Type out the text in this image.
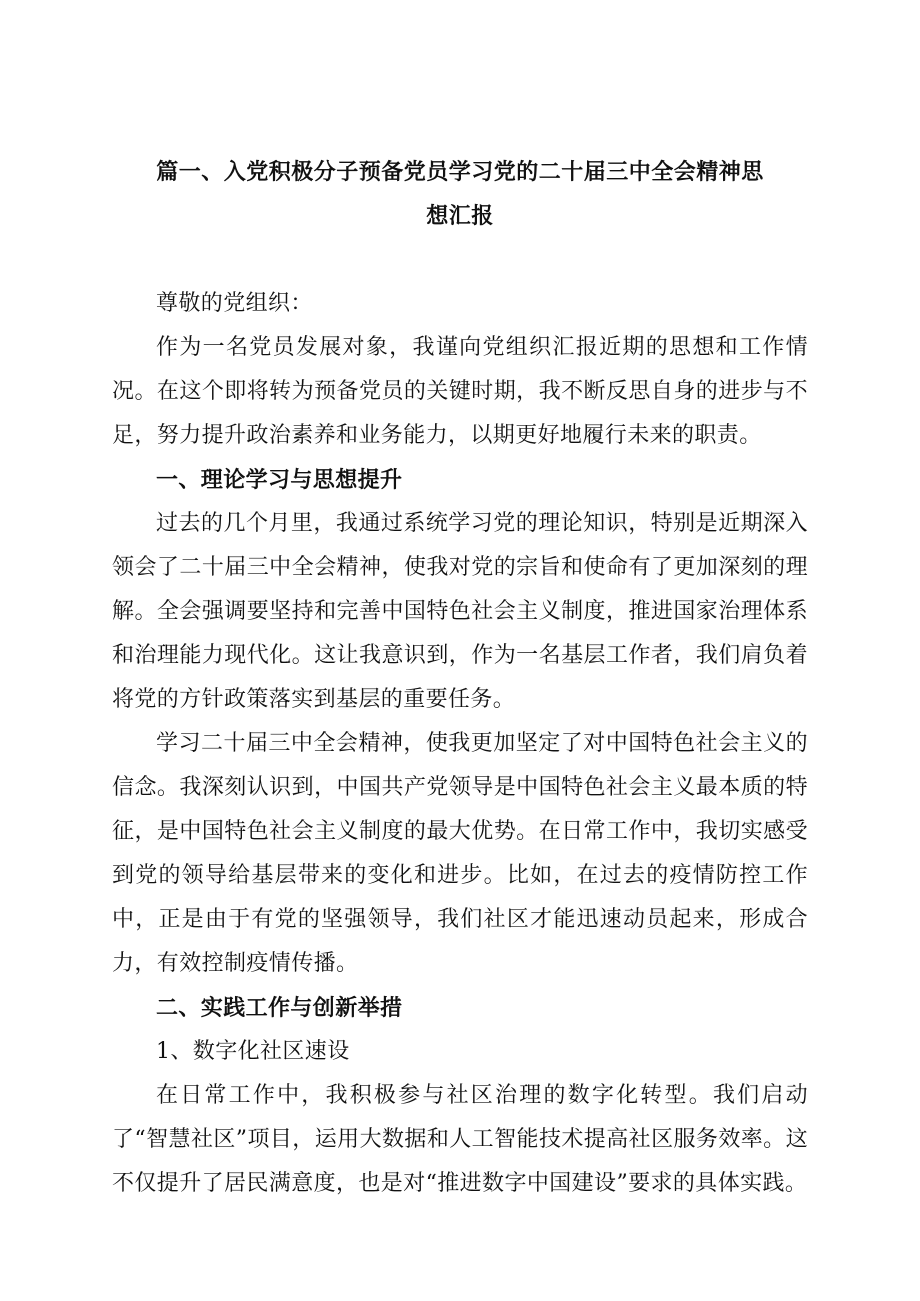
篇一、入党积极分子预备党员学习党的二十届三中全会精神思
想汇报

尊敬的党组织：

作为一名党员发展对象，我谨向党组织汇报近期的思想和工作情况。在这个即将转为预备党员的关键时期，我不断反思自身的进步与不足，努力提升政治素养和业务能力，以期更好地履行未来的职责。

一、理论学习与思想提升

过去的几个月里，我通过系统学习党的理论知识，特别是近期深入领会了二十届三中全会精神，使我对党的宗旨和使命有了更加深刻的理解。全会强调要坚持和完善中国特色社会主义制度，推进国家治理体系和治理能力现代化。这让我意识到，作为一名基层工作者，我们肩负着将党的方针政策落实到基层的重要任务。

学习二十届三中全会精神，使我更加坚定了对中国特色社会主义的信念。我深刻认识到，中国共产党领导是中国特色社会主义最本质的特征，是中国特色社会主义制度的最大优势。在日常工作中，我切实感受到党的领导给基层带来的变化和进步。比如，在过去的疫情防控工作中，正是由于有党的坚强领导，我们社区才能迅速动员起来，形成合力，有效控制疫情传播。

二、实践工作与创新举措

1、数字化社区速设

在日常工作中，我积极参与社区治理的数字化转型。我们启动了“智慧社区”项目，运用大数据和人工智能技术提高社区服务效率。这不仅提升了居民满意度，也是对“推进数字中国建设”要求的具体实践。
